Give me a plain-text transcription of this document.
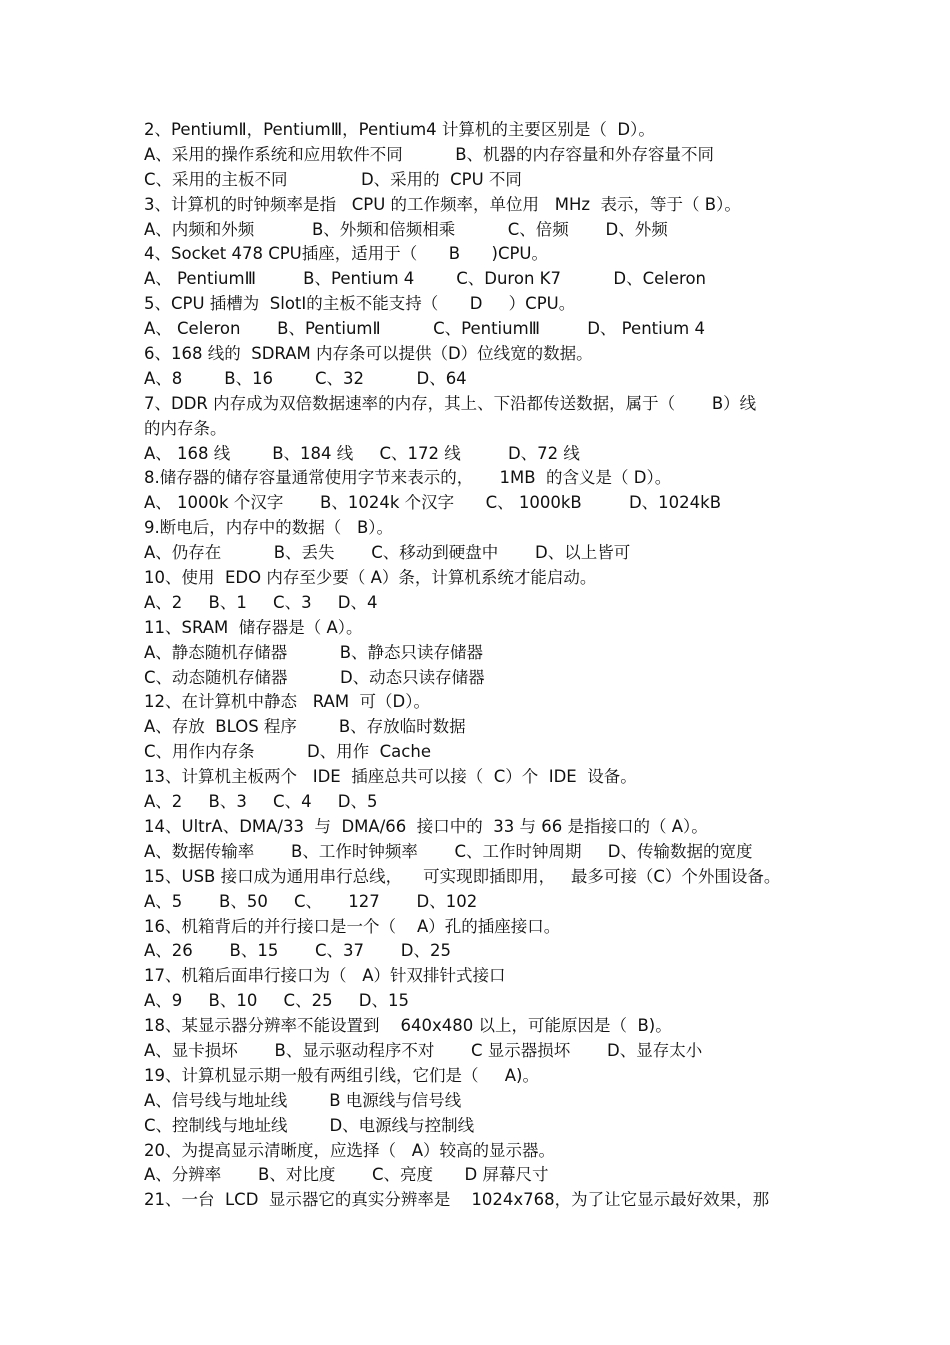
2、PentiumⅡ，PentiumⅢ，Pentium4 计算机的主要区别是（  D）。
A、采用的操作系统和应用软件不同          B、机器的内存容量和外存容量不同
C、采用的主板不同              D、采用的  CPU 不同
3、计算机的时钟频率是指   CPU 的工作频率，单位用   MHz  表示，等于（ B）。
A、内频和外频           B、外频和倍频相乘          C、倍频       D、外频
4、Socket 478 CPU插座，适用于（      B      )CPU。
A、 PentiumⅢ         B、Pentium 4        C、Duron K7          D、Celeron
5、CPU 插槽为  SlotⅠ的主板不能支持（      D     ）CPU。
A、 Celeron       B、PentiumⅡ          C、PentiumⅢ         D、 Pentium 4
6、168 线的  SDRAM 内存条可以提供（D）位线宽的数据。
A、8        B、16        C、32          D、64
7、DDR 内存成为双倍数据速率的内存，其上、下沿都传送数据，属于（       B）线
的内存条。
A、 168 线        B、184 线     C、172 线         D、72 线
8.储存器的储存容量通常使用字节来表示的，     1MB  的含义是（ D）。
A、 1000k 个汉字       B、1024k 个汉字      C、 1000kB         D、1024kB
9.断电后，内存中的数据（   B）。
A、仍存在          B、丢失       C、移动到硬盘中       D、以上皆可
10、使用  EDO 内存至少要（ A）条，计算机系统才能启动。
A、2     B、1     C、3     D、4
11、SRAM  储存器是（ A）。
A、静态随机存储器          B、静态只读存储器
C、动态随机存储器          D、动态只读存储器
12、在计算机中静态   RAM  可（D）。
A、存放  BLOS 程序        B、存放临时数据
C、用作内存条          D、用作  Cache
13、计算机主板两个   IDE  插座总共可以接（  C）个  IDE  设备。
A、2     B、3     C、4     D、5
14、UltrA、DMA/33  与  DMA/66  接口中的  33 与 66 是指接口的（ A）。
A、数据传输率       B、工作时钟频率       C、工作时钟周期     D、传输数据的宽度
15、USB 接口成为通用串行总线，    可实现即插即用，   最多可接（C）个外围设备。
A、5       B、50     C、     127       D、102
16、机箱背后的并行接口是一个（    A）孔的插座接口。
A、26       B、15       C、37       D、25
17、机箱后面串行接口为（   A）针双排针式接口
A、9     B、10     C、25     D、15
18、某显示器分辨率不能设置到    640x480 以上，可能原因是（  B)。
A、显卡损坏       B、显示驱动程序不对       C 显示器损坏       D、显存太小
19、计算机显示期一般有两组引线，它们是（     A)。
A、信号线与地址线        B 电源线与信号线
C、控制线与地址线        D、电源线与控制线
20、为提高显示清晰度，应选择（   A）较高的显示器。
A、分辨率       B、对比度       C、亮度      D 屏幕尺寸
21、一台  LCD  显示器它的真实分辨率是    1024x768，为了让它显示最好效果，那
